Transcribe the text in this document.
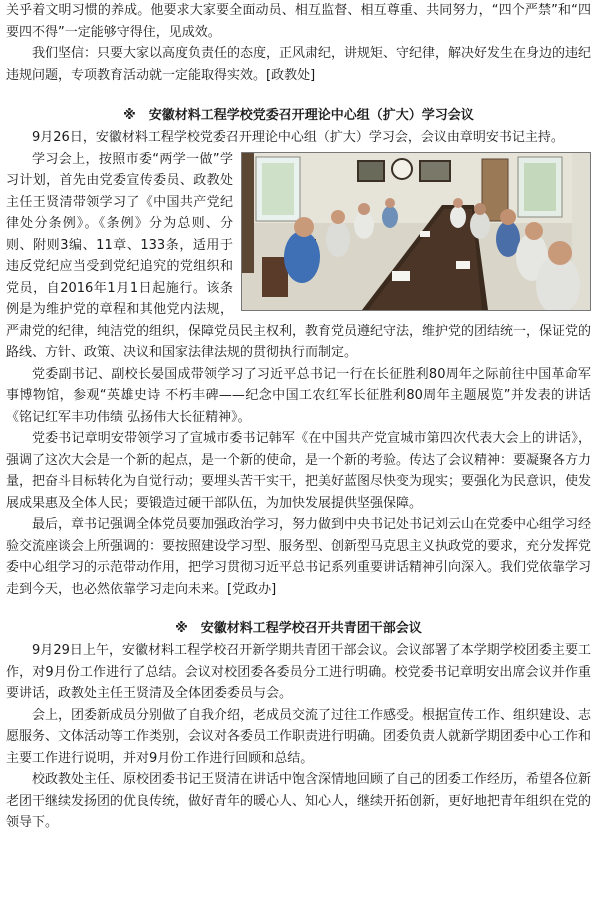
关乎着文明习惯的养成。他要求大家要全面动员、相互监督、相互尊重、共同努力，“四个严禁”和“四要四不得”一定能够守得住，见成效。

我们坚信：只要大家以高度负责任的态度，正风肃纪，讲规矩、守纪律，解决好发生在身边的违纪违规问题，专项教育活动就一定能取得实效。[政教处]

※　安徽材料工程学校党委召开理论中心组（扩大）学习会议

9月26日，安徽材料工程学校党委召开理论中心组（扩大）学习会，会议由章明安书记主持。

学习会上，按照市委“两学一做”学习计划，首先由党委宣传委员、政教处主任王贤清带领学习了《中国共产党纪律处分条例》。《条例》分为总则、分则、附则3编、11章、133条，适用于违反党纪应当受到党纪追究的党组织和党员，自2016年1月1日起施行。该条例是为维护党的章程和其他党内法规，严肃党的纪律，纯洁党的组织，保障党员民主权利，教育党员遵纪守法，维护党的团结统一，保证党的路线、方针、政策、决议和国家法律法规的贯彻执行而制定。

党委副书记、副校长晏国成带领学习了习近平总书记一行在长征胜利80周年之际前往中国革命军事博物馆，参观“英雄史诗 不朽丰碑——纪念中国工农红军长征胜利80周年主题展览”并发表的讲话《铭记红军丰功伟绩 弘扬伟大长征精神》。

党委书记章明安带领学习了宣城市委书记韩军《在中国共产党宣城市第四次代表大会上的讲话》，强调了这次大会是一个新的起点，是一个新的使命，是一个新的考验。传达了会议精神：要凝聚各方力量，把奋斗目标转化为自觉行动；要埋头苦干实干，把美好蓝图尽快变为现实；要强化为民意识，使发展成果惠及全体人民；要锻造过硬干部队伍，为加快发展提供坚强保障。

最后，章书记强调全体党员要加强政治学习，努力做到中央书记处书记刘云山在党委中心组学习经验交流座谈会上所强调的：要按照建设学习型、服务型、创新型马克思主义执政党的要求，充分发挥党委中心组学习的示范带动作用，把学习贯彻习近平总书记系列重要讲话精神引向深入。我们党依靠学习走到今天，也必然依靠学习走向未来。[党政办]

※　安徽材料工程学校召开共青团干部会议

9月29日上午，安徽材料工程学校召开新学期共青团干部会议。会议部署了本学期学校团委主要工作，对9月份工作进行了总结。会议对校团委各委员分工进行明确。校党委书记章明安出席会议并作重要讲话，政教处主任王贤清及全体团委委员与会。

会上，团委新成员分别做了自我介绍，老成员交流了过往工作感受。根据宣传工作、组织建设、志愿服务、文体活动等工作类别，会议对各委员工作职责进行明确。团委负责人就新学期团委中心工作和主要工作进行说明，并对9月份工作进行回顾和总结。

校政教处主任、原校团委书记王贤清在讲话中饱含深情地回顾了自己的团委工作经历，希望各位新老团干继续发扬团的优良传统，做好青年的暖心人、知心人，继续开拓创新，更好地把青年组织在党的领导下。
